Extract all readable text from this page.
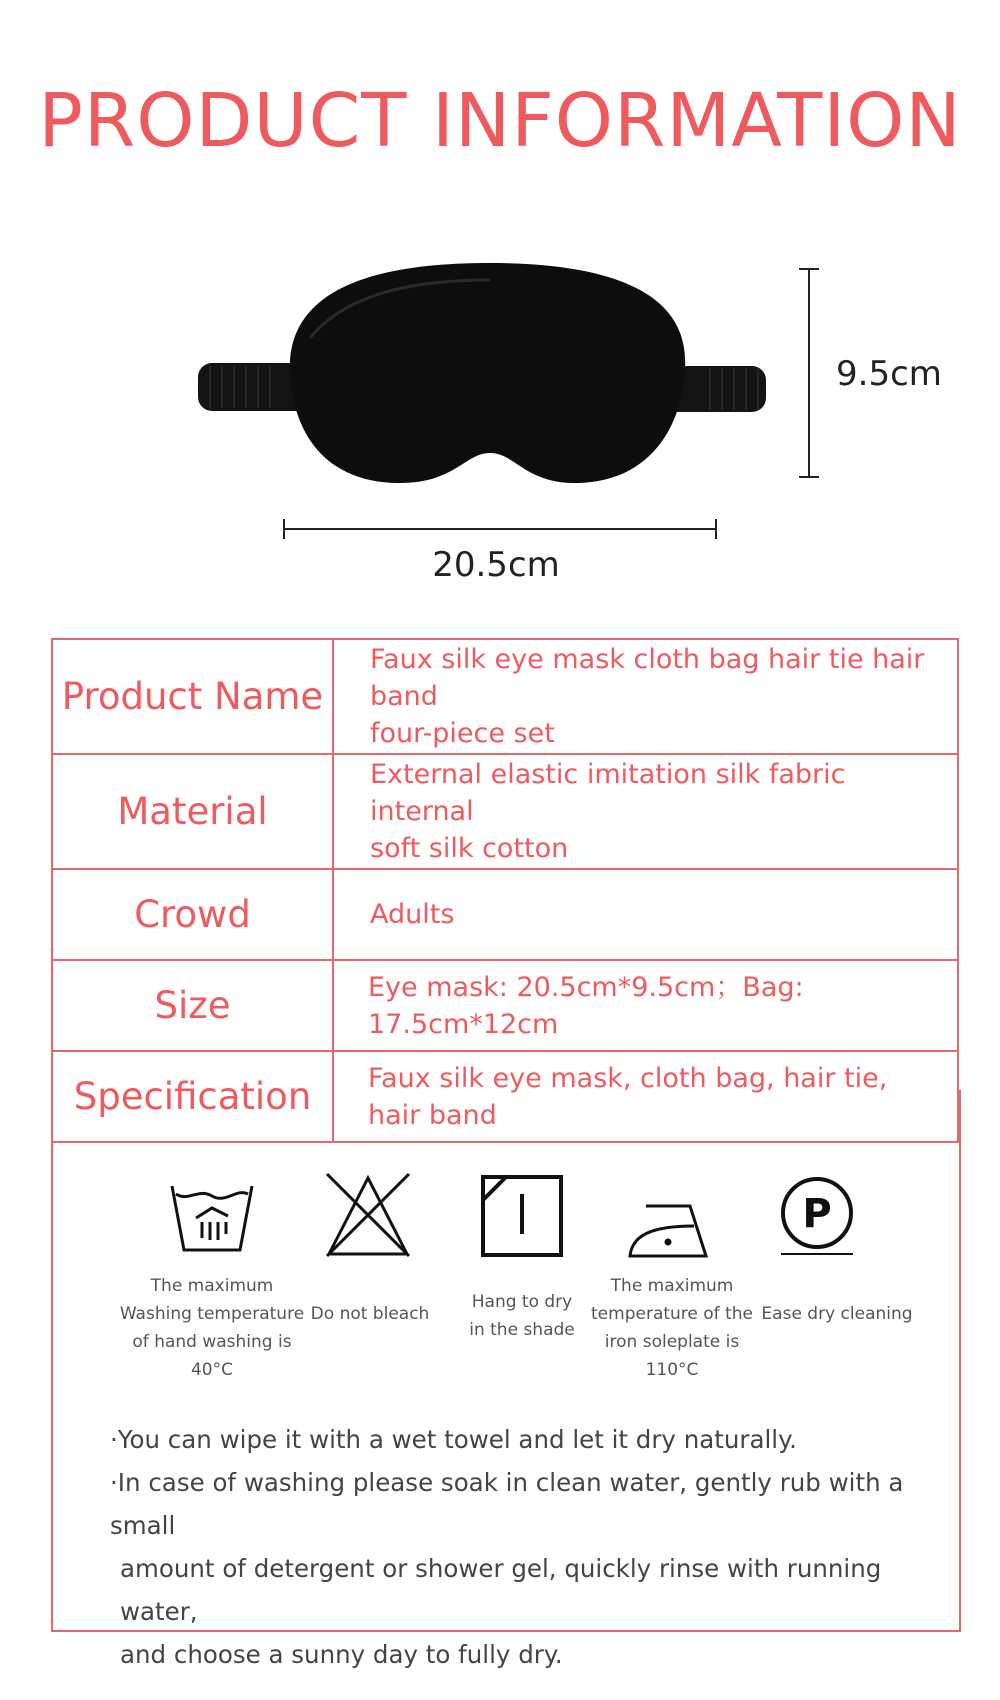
PRODUCT INFORMATION
9.5cm
20.5cm
Product Name	Faux silk eye mask cloth bag hair tie hair band
four-piece set

Material	External elastic imitation silk fabric internal
soft silk cotton

Crowd	Adults

Size	Eye mask: 20.5cm*9.5cm；Bag: 17.5cm*12cm

Specification	Faux silk eye mask, cloth bag, hair tie, hair band
P
The maximum
Washing temperature
of hand washing is 40°C
Do not bleach
Hang to dry
in the shade
The maximum
temperature of the
iron soleplate is 110°C
Ease dry cleaning

·You can wipe it with a wet towel and let it dry naturally.

·In case of washing please soak in clean water, gently rub with a small

amount of detergent or shower gel, quickly rinse with running water,

and choose a sunny day to fully dry.
